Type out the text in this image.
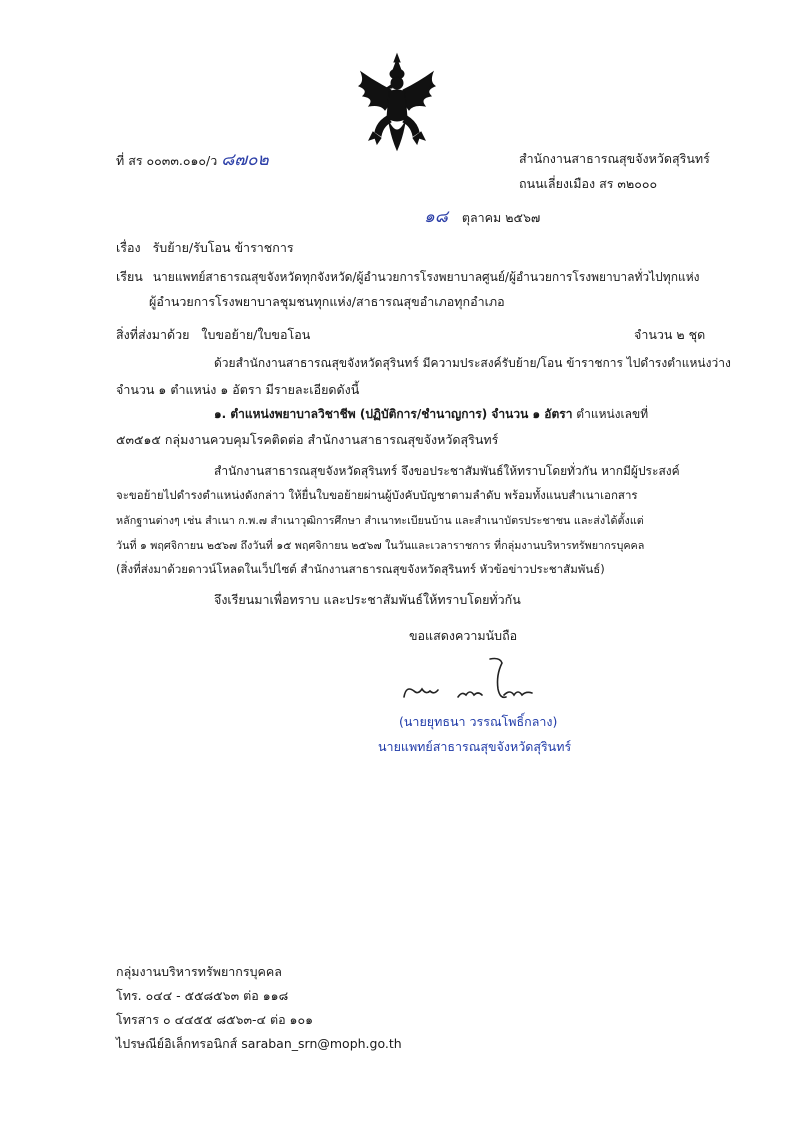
ที่ สร ๐๐๓๓.๐๑๐/ว ๘๗๐๒	สำนักงานสาธารณสุขจังหวัดสุรินทร์
ถนนเลี่ยงเมือง สร ๓๒๐๐๐
๑๘ ตุลาคม ๒๕๖๗
เรื่อง รับย้าย/รับโอน ข้าราชการ
เรียน นายแพทย์สาธารณสุขจังหวัดทุกจังหวัด/ผู้อำนวยการโรงพยาบาลศูนย์/ผู้อำนวยการโรงพยาบาลทั่วไปทุกแห่ง
ผู้อำนวยการโรงพยาบาลชุมชนทุกแห่ง/สาธารณสุขอำเภอทุกอำเภอ
สิ่งที่ส่งมาด้วย ใบขอย้าย/ใบขอโอน	จำนวน ๒ ชุด
ด้วยสำนักงานสาธารณสุขจังหวัดสุรินทร์ มีความประสงค์รับย้าย/โอน ข้าราชการ ไปดำรงตำแหน่งว่าง
จำนวน ๑ ตำแหน่ง ๑ อัตรา มีรายละเอียดดังนี้
๑. ตำแหน่งพยาบาลวิชาชีพ (ปฏิบัติการ/ชำนาญการ) จำนวน ๑ อัตรา ตำแหน่งเลขที่
๕๓๕๑๕ กลุ่มงานควบคุมโรคติดต่อ สำนักงานสาธารณสุขจังหวัดสุรินทร์
สำนักงานสาธารณสุขจังหวัดสุรินทร์ จึงขอประชาสัมพันธ์ให้ทราบโดยทั่วกัน หากมีผู้ประสงค์
จะขอย้ายไปดำรงตำแหน่งดังกล่าว ให้ยื่นใบขอย้ายผ่านผู้บังคับบัญชาตามลำดับ พร้อมทั้งแนบสำเนาเอกสาร
หลักฐานต่างๆ เช่น สำเนา ก.พ.๗ สำเนาวุฒิการศึกษา สำเนาทะเบียนบ้าน และสำเนาบัตรประชาชน และส่งได้ตั้งแต่
วันที่ ๑ พฤศจิกายน ๒๕๖๗ ถึงวันที่ ๑๕ พฤศจิกายน ๒๕๖๗ ในวันและเวลาราชการ ที่กลุ่มงานบริหารทรัพยากรบุคคล
(สิ่งที่ส่งมาด้วยดาวน์โหลดในเว็ปไซต์ สำนักงานสาธารณสุขจังหวัดสุรินทร์ หัวข้อข่าวประชาสัมพันธ์)
จึงเรียนมาเพื่อทราบ และประชาสัมพันธ์ให้ทราบโดยทั่วกัน
ขอแสดงความนับถือ
(นายยุทธนา วรรณโพธิ์กลาง)
นายแพทย์สาธารณสุขจังหวัดสุรินทร์
กลุ่มงานบริหารทรัพยากรบุคคล
โทร. ๐๔๔ - ๕๕๘๕๖๓ ต่อ ๑๑๘
โทรสาร ๐ ๔๔๕๕ ๘๕๖๓-๔ ต่อ ๑๐๑
ไปรษณีย์อิเล็กทรอนิกส์ saraban_srn@moph.go.th
